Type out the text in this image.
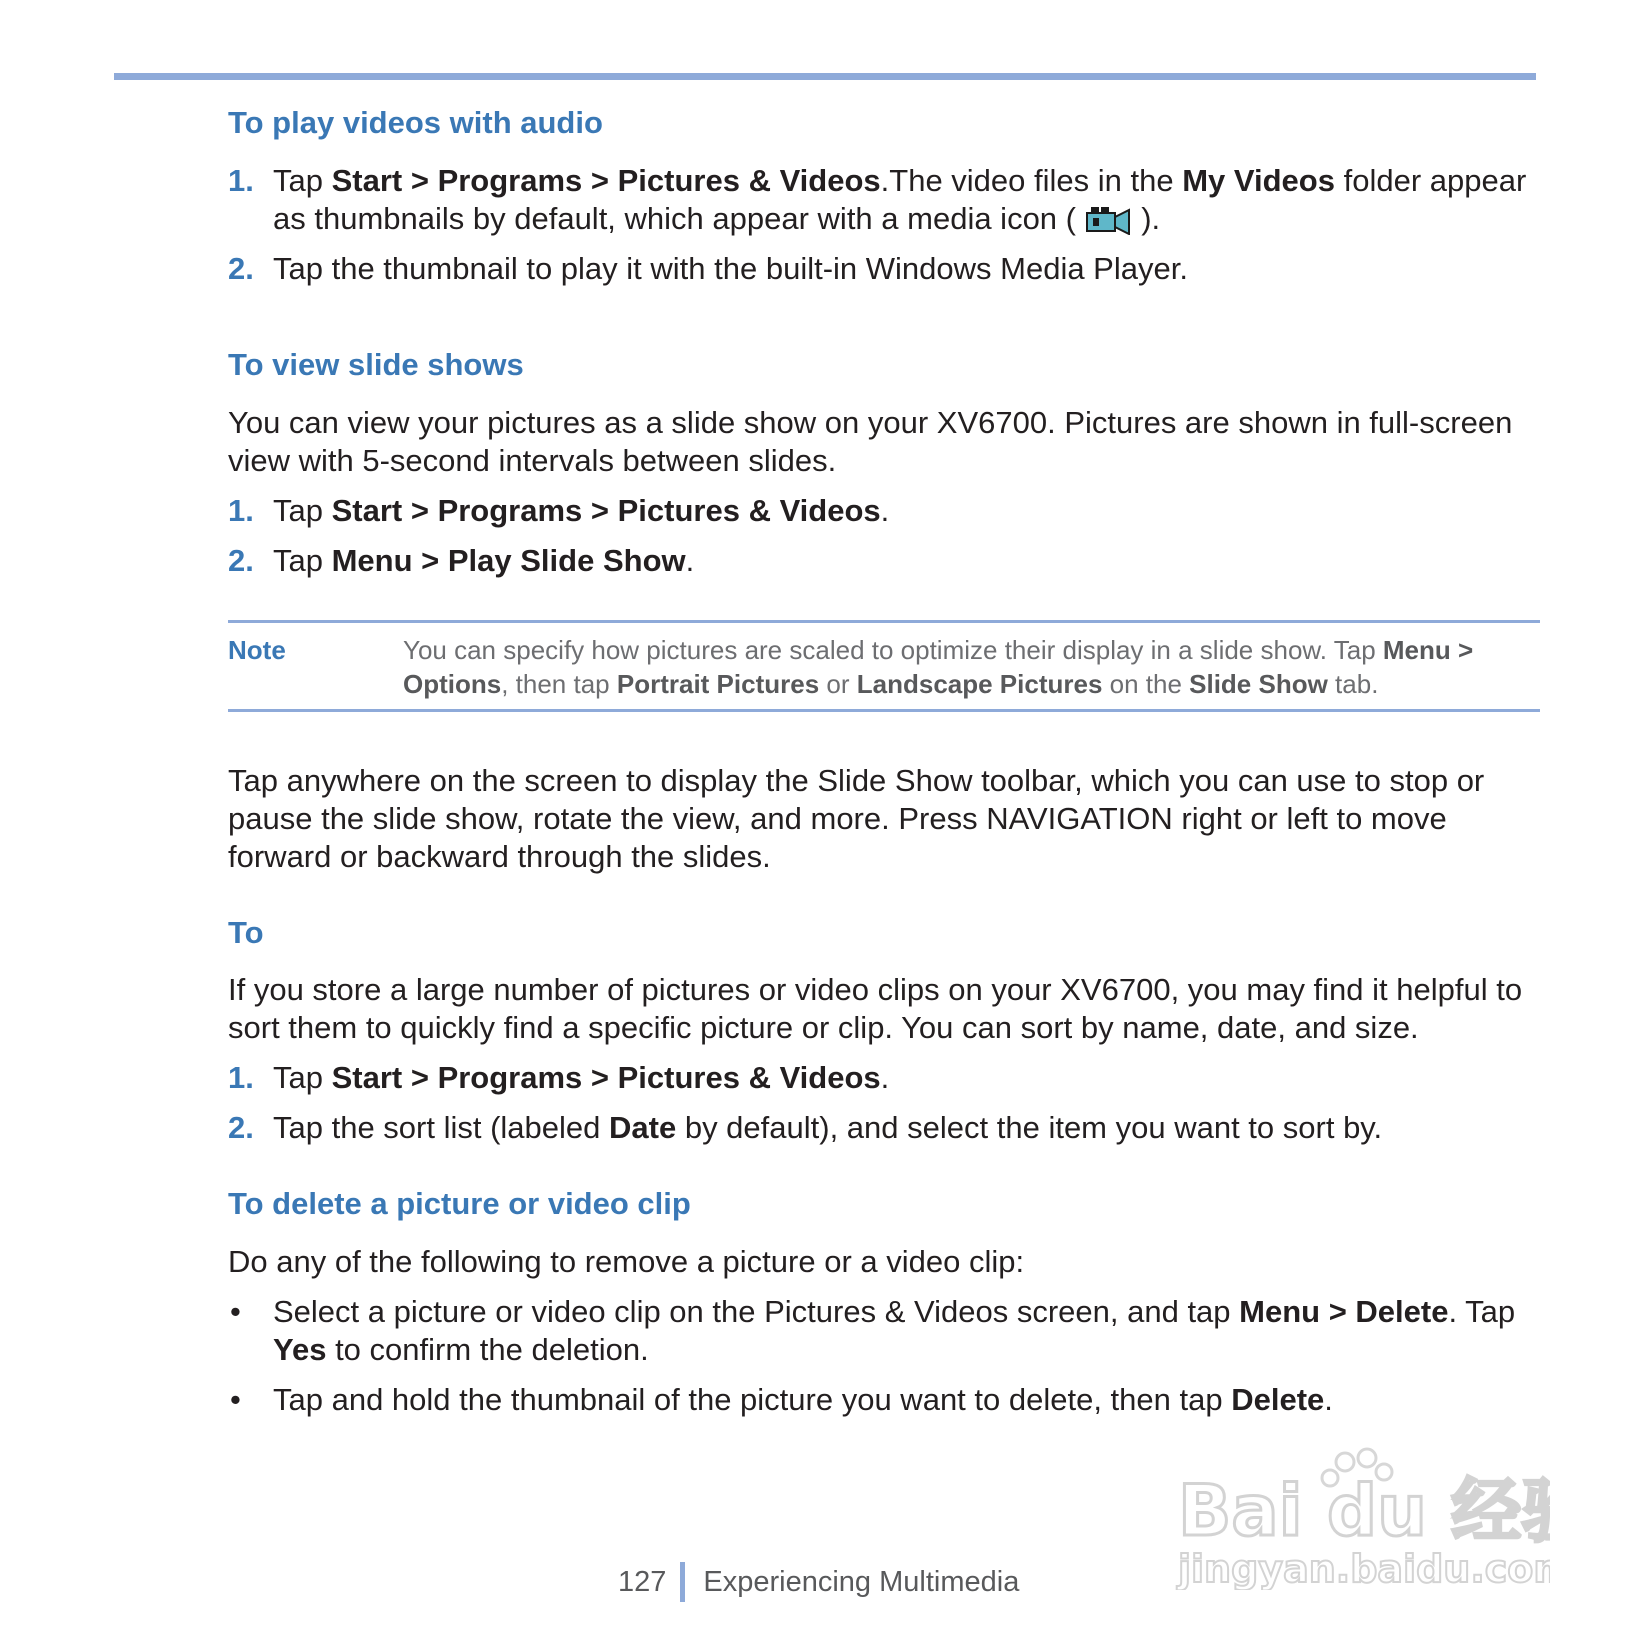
To play videos with audio
1. Tap Start > Programs > Pictures & Videos.The video files in the My Videos folder appear as thumbnails by default, which appear with a media icon (  ).
2. Tap the thumbnail to play it with the built-in Windows Media Player.
To view slide shows

You can view your pictures as a slide show on your XV6700. Pictures are shown in full-screen view with 5-second intervals between slides.

1. Tap Start > Programs > Pictures & Videos.
2. Tap Menu > Play Slide Show.
Note	You can specify how pictures are scaled to optimize their display in a slide show. Tap Menu > Options, then tap Portrait Pictures or Landscape Pictures on the Slide Show tab.

Tap anywhere on the screen to display the Slide Show toolbar, which you can use to stop or pause the slide show, rotate the view, and more. Press NAVIGATION right or left to move forward or backward through the slides.

To

If you store a large number of pictures or video clips on your XV6700, you may find it helpful to sort them to quickly find a specific picture or clip. You can sort by name, date, and size.

1. Tap Start > Programs > Pictures & Videos.
2. Tap the sort list (labeled Date by default), and select the item you want to sort by.
To delete a picture or video clip

Do any of the following to remove a picture or a video clip:

• Select a picture or video clip on the Pictures & Videos screen, and tap Menu > Delete. Tap Yes to confirm the deletion.
• Tap and hold the thumbnail of the picture you want to delete, then tap Delete.
127 Experiencing Multimedia
Bai du 经验
jingyan.baidu.com
